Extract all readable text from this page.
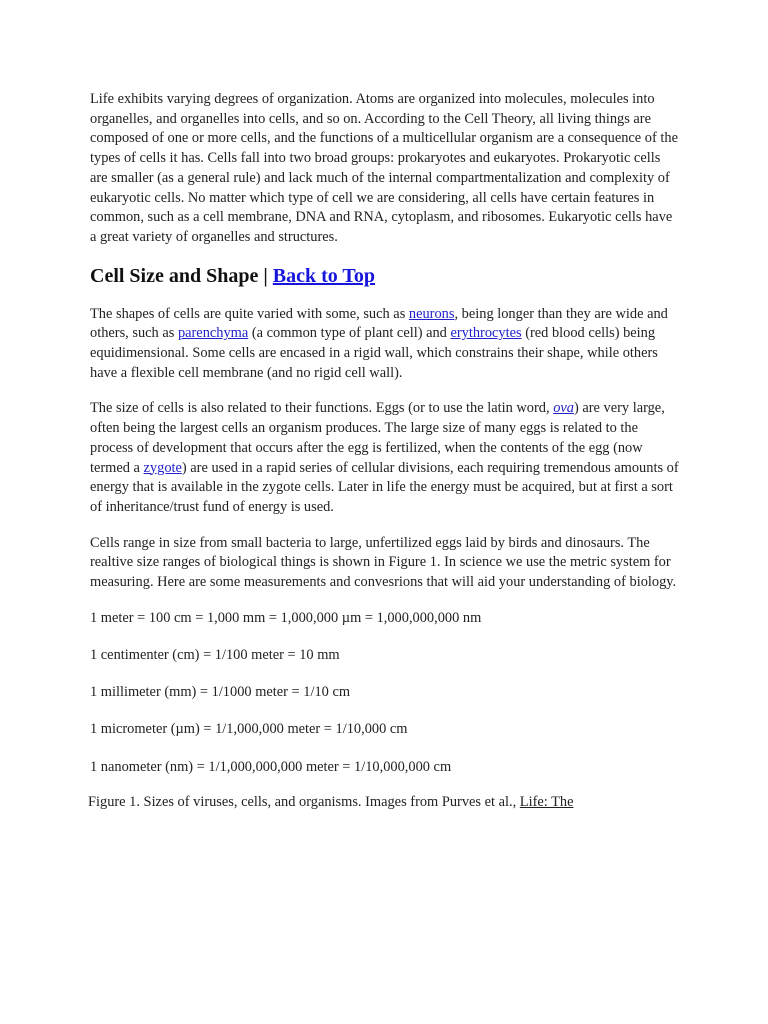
Life exhibits varying degrees of organization. Atoms are organized into molecules, molecules into organelles, and organelles into cells, and so on. According to the Cell Theory, all living things are composed of one or more cells, and the functions of a multicellular organism are a consequence of the types of cells it has. Cells fall into two broad groups: prokaryotes and eukaryotes. Prokaryotic cells are smaller (as a general rule) and lack much of the internal compartmentalization and complexity of eukaryotic cells. No matter which type of cell we are considering, all cells have certain features in common, such as a cell membrane, DNA and RNA, cytoplasm, and ribosomes. Eukaryotic cells have a great variety of organelles and structures.

Cell Size and Shape | Back to Top

The shapes of cells are quite varied with some, such as neurons, being longer than they are wide and others, such as parenchyma (a common type of plant cell) and erythrocytes (red blood cells) being equidimensional. Some cells are encased in a rigid wall, which constrains their shape, while others have a flexible cell membrane (and no rigid cell wall).

The size of cells is also related to their functions. Eggs (or to use the latin word, ova) are very large, often being the largest cells an organism produces. The large size of many eggs is related to the process of development that occurs after the egg is fertilized, when the contents of the egg (now termed a zygote) are used in a rapid series of cellular divisions, each requiring tremendous amounts of energy that is available in the zygote cells. Later in life the energy must be acquired, but at first a sort of inheritance/trust fund of energy is used.

Cells range in size from small bacteria to large, unfertilized eggs laid by birds and dinosaurs. The realtive size ranges of biological things is shown in Figure 1. In science we use the metric system for measuring. Here are some measurements and convesrions that will aid your understanding of biology.

1 meter = 100 cm = 1,000 mm = 1,000,000 µm = 1,000,000,000 nm

1 centimenter (cm) = 1/100 meter = 10 mm

1 millimeter (mm) = 1/1000 meter = 1/10 cm

1 micrometer (µm) = 1/1,000,000 meter = 1/10,000 cm

1 nanometer (nm) = 1/1,000,000,000 meter = 1/10,000,000 cm

Figure 1. Sizes of viruses, cells, and organisms. Images from Purves et al., Life: The
